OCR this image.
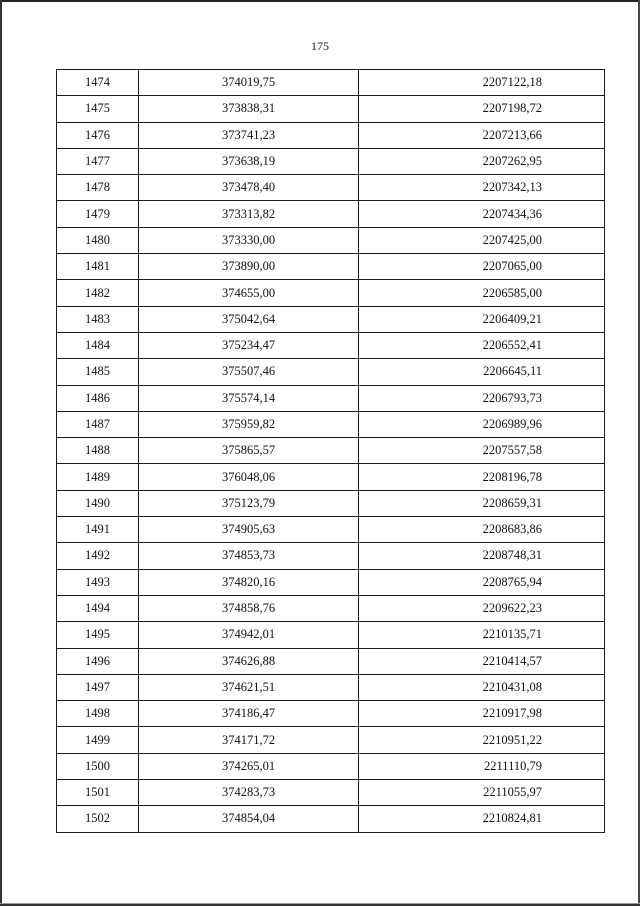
175
1474	374019,75	2207122,18
1475	373838,31	2207198,72
1476	373741,23	2207213,66
1477	373638,19	2207262,95
1478	373478,40	2207342,13
1479	373313,82	2207434,36
1480	373330,00	2207425,00
1481	373890,00	2207065,00
1482	374655,00	2206585,00
1483	375042,64	2206409,21
1484	375234,47	2206552,41
1485	375507,46	2206645,11
1486	375574,14	2206793,73
1487	375959,82	2206989,96
1488	375865,57	2207557,58
1489	376048,06	2208196,78
1490	375123,79	2208659,31
1491	374905,63	2208683,86
1492	374853,73	2208748,31
1493	374820,16	2208765,94
1494	374858,76	2209622,23
1495	374942,01	2210135,71
1496	374626,88	2210414,57
1497	374621,51	2210431,08
1498	374186,47	2210917,98
1499	374171,72	2210951,22
1500	374265,01	2211110,79
1501	374283,73	2211055,97
1502	374854,04	2210824,81
